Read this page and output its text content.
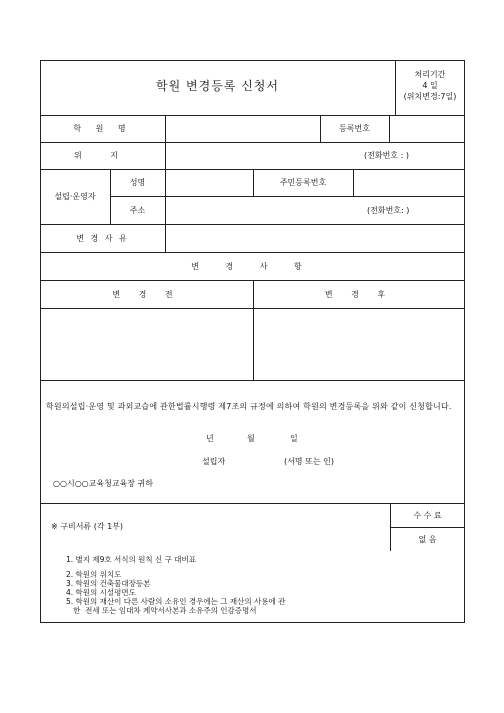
학원 변경등록 신청서
처리기간
4 일
(위치변경:7일)
학 원 명	등록번호
위 지	(전화번호 : )
설립·운영자
성명	주민등록번호
주소	(전화번호: )
변 경 사 유
변 경 사 항
변 경 전	변 경 후
학원의설립·운영 및 과외교습에 관한법률시행령 제7조의 규정에 의하여 학원의 변경등록을 위와 같이 신청합니다.
년	월	일
설립자	(서명 또는 인)
○○시○○교육청교육장 귀하
수 수 료
없 음
※ 구비서류 (각 1부)
1. 별지 제9호 서식의 원칙 신 구 대비표
2. 학원의 위치도
3. 학원의 건축물대장등본
4. 학원의 시설평면도
5. 학원의 재산이 다른 사람의 소유인 경우에는 그 재산의 사용에 관
한  전세 또는 임대차 계약서사본과 소유주의 인감증명서
